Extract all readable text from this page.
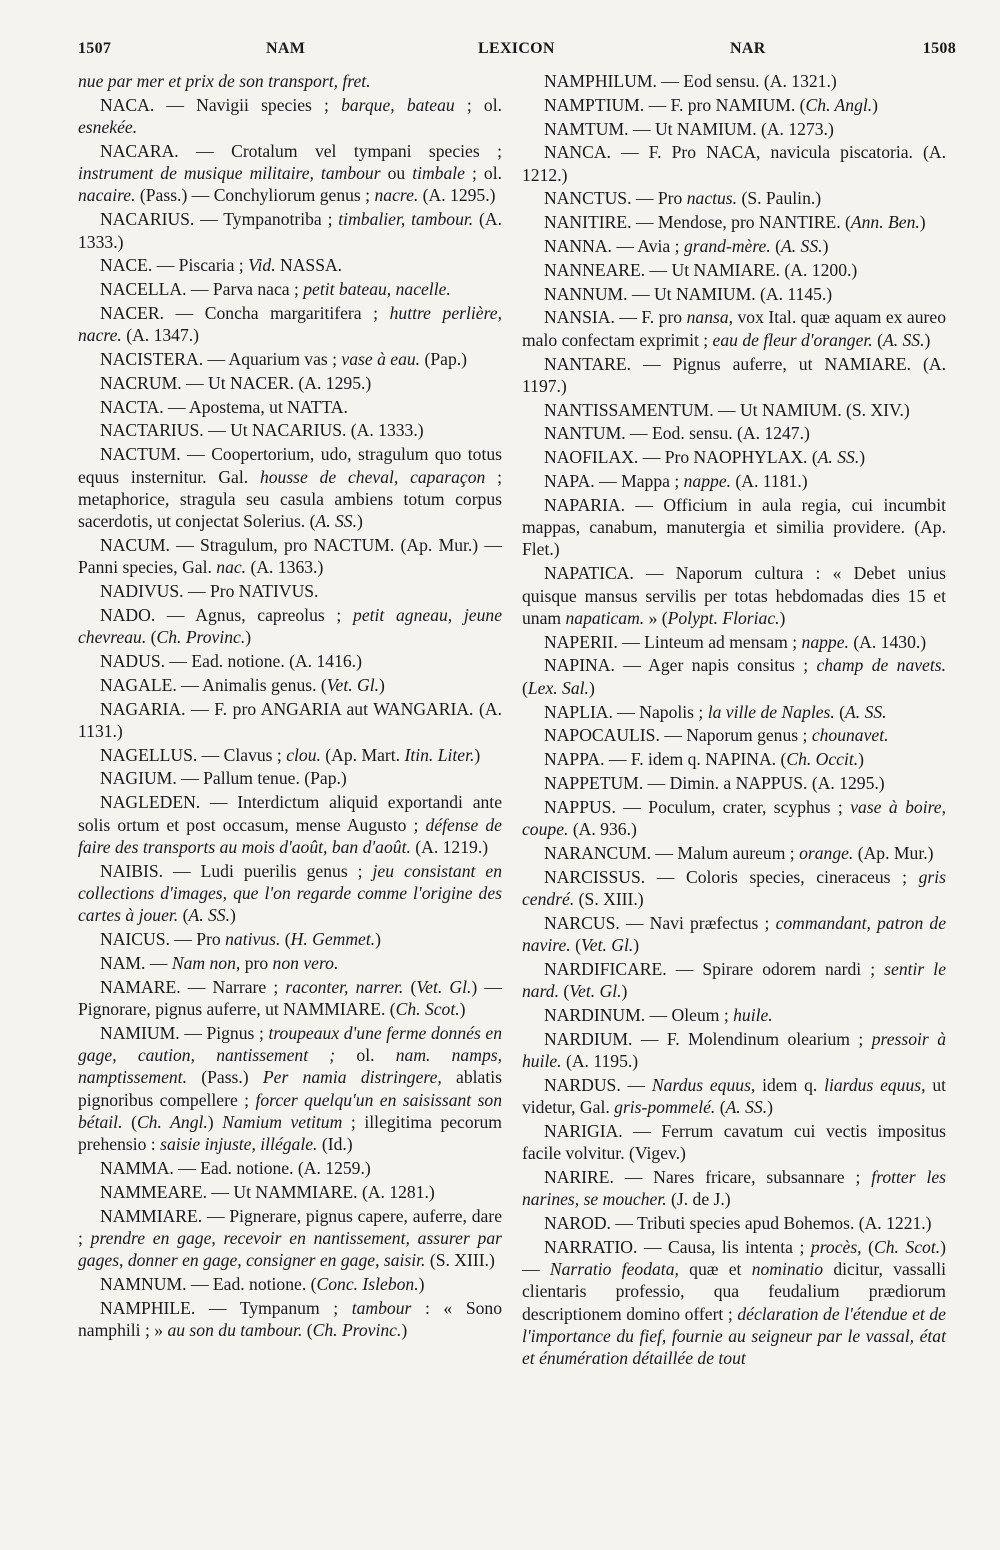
1507	NAM	LEXICON	NAR	1508

nue par mer et prix de son transport, fret.

NACA. — Navigii species ; barque, bateau ; ol. esnekée.

NACARA. — Crotalum vel tympani species ; instrument de musique militaire, tambour ou timbale ; ol. nacaire. (Pass.) — Conchyliorum genus ; nacre. (A. 1295.)

NACARIUS. — Tympanotriba ; timbalier, tambour. (A. 1333.)

NACE. — Piscaria ; Vid. NASSA.

NACELLA. — Parva naca ; petit bateau, nacelle.

NACER. — Concha margaritifera ; huttre perlière, nacre. (A. 1347.)

NACISTERA. — Aquarium vas ; vase à eau. (Pap.)

NACRUM. — Ut NACER. (A. 1295.)

NACTA. — Apostema, ut NATTA.

NACTARIUS. — Ut NACARIUS. (A. 1333.)

NACTUM. — Coopertorium, udo, stragulum quo totus equus insternitur. Gal. housse de cheval, caparaçon ; metaphorice, stragula seu casula ambiens totum corpus sacerdotis, ut conjectat Solerius. (A. SS.)

NACUM. — Stragulum, pro NACTUM. (Ap. Mur.) — Panni species, Gal. nac. (A. 1363.)

NADIVUS. — Pro NATIVUS.

NADO. — Agnus, capreolus ; petit agneau, jeune chevreau. (Ch. Provinc.)

NADUS. — Ead. notione. (A. 1416.)

NAGALE. — Animalis genus. (Vet. Gl.)

NAGARIA. — F. pro ANGARIA aut WANGARIA. (A. 1131.)

NAGELLUS. — Clavus ; clou. (Ap. Mart. Itin. Liter.)

NAGIUM. — Pallum tenue. (Pap.)

NAGLEDEN. — Interdictum aliquid exportandi ante solis ortum et post occasum, mense Augusto ; défense de faire des transports au mois d'août, ban d'août. (A. 1219.)

NAIBIS. — Ludi puerilis genus ; jeu consistant en collections d'images, que l'on regarde comme l'origine des cartes à jouer. (A. SS.)

NAICUS. — Pro nativus. (H. Gemmet.)

NAM. — Nam non, pro non vero.

NAMARE. — Narrare ; raconter, narrer. (Vet. Gl.) — Pignorare, pignus auferre, ut NAMMIARE. (Ch. Scot.)

NAMIUM. — Pignus ; troupeaux d'une ferme donnés en gage, caution, nantissement ; ol. nam. namps, namptissement. (Pass.) Per namia distringere, ablatis pignoribus compellere ; forcer quelqu'un en saisissant son bétail. (Ch. Angl.) Namium vetitum ; illegitima pecorum prehensio : saisie injuste, illégale. (Id.)

NAMMA. — Ead. notione. (A. 1259.)

NAMMEARE. — Ut NAMMIARE. (A. 1281.)

NAMMIARE. — Pignerare, pignus capere, auferre, dare ; prendre en gage, recevoir en nantissement, assurer par gages, donner en gage, consigner en gage, saisir. (S. XIII.)

NAMNUM. — Ead. notione. (Conc. Islebon.)

NAMPHILE. — Tympanum ; tambour : « Sono namphili ; » au son du tambour. (Ch. Provinc.)

NAMPHILUM. — Eod sensu. (A. 1321.)

NAMPTIUM. — F. pro NAMIUM. (Ch. Angl.)

NAMTUM. — Ut NAMIUM. (A. 1273.)

NANCA. — F. Pro NACA, navicula piscatoria. (A. 1212.)

NANCTUS. — Pro nactus. (S. Paulin.)

NANITIRE. — Mendose, pro NANTIRE. (Ann. Ben.)

NANNA. — Avia ; grand-mère. (A. SS.)

NANNEARE. — Ut NAMIARE. (A. 1200.)

NANNUM. — Ut NAMIUM. (A. 1145.)

NANSIA. — F. pro nansa, vox Ital. quæ aquam ex aureo malo confectam exprimit ; eau de fleur d'oranger. (A. SS.)

NANTARE. — Pignus auferre, ut NAMIARE. (A. 1197.)

NANTISSAMENTUM. — Ut NAMIUM. (S. XIV.)

NANTUM. — Eod. sensu. (A. 1247.)

NAOFILAX. — Pro NAOPHYLAX. (A. SS.)

NAPA. — Mappa ; nappe. (A. 1181.)

NAPARIA. — Officium in aula regia, cui incumbit mappas, canabum, manutergia et similia providere. (Ap. Flet.)

NAPATICA. — Naporum cultura : « Debet unius quisque mansus servilis per totas hebdomadas dies 15 et unam napaticam. » (Polypt. Floriac.)

NAPERII. — Linteum ad mensam ; nappe. (A. 1430.)

NAPINA. — Ager napis consitus ; champ de navets. (Lex. Sal.)

NAPLIA. — Napolis ; la ville de Naples. (A. SS.

NAPOCAULIS. — Naporum genus ; chounavet.

NAPPA. — F. idem q. NAPINA. (Ch. Occit.)

NAPPETUM. — Dimin. a NAPPUS. (A. 1295.)

NAPPUS. — Poculum, crater, scyphus ; vase à boire, coupe. (A. 936.)

NARANCUM. — Malum aureum ; orange. (Ap. Mur.)

NARCISSUS. — Coloris species, cineraceus ; gris cendré. (S. XIII.)

NARCUS. — Navi præfectus ; commandant, patron de navire. (Vet. Gl.)

NARDIFICARE. — Spirare odorem nardi ; sentir le nard. (Vet. Gl.)

NARDINUM. — Oleum ; huile.

NARDIUM. — F. Molendinum olearium ; pressoir à huile. (A. 1195.)

NARDUS. — Nardus equus, idem q. liardus equus, ut videtur, Gal. gris-pommelé. (A. SS.)

NARIGIA. — Ferrum cavatum cui vectis impositus facile volvitur. (Vigev.)

NARIRE. — Nares fricare, subsannare ; frotter les narines, se moucher. (J. de J.)

NAROD. — Tributi species apud Bohemos. (A. 1221.)

NARRATIO. — Causa, lis intenta ; procès, (Ch. Scot.) — Narratio feodata, quæ et nominatio dicitur, vassalli clientaris professio, qua feudalium prædiorum descriptionem domino offert ; déclaration de l'étendue et de l'importance du fief, fournie au seigneur par le vassal, état et énumération détaillée de tout
